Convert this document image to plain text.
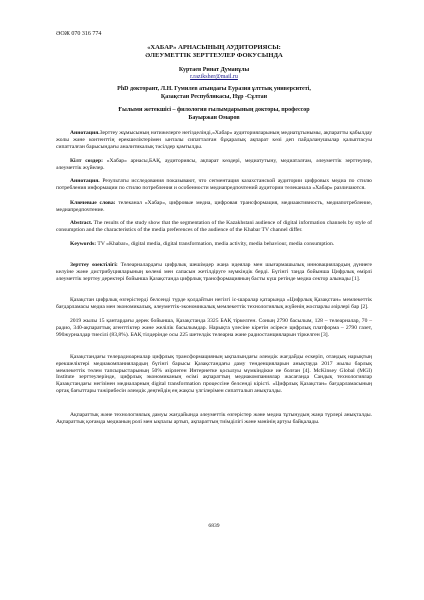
ӘОЖ 070 316 774
«ХАБАР» АРНАСЫНЫҢ АУДИТОРИЯСЫ:
ӘЛЕУМЕТТІК ЗЕРТТЕУЛЕР ФОКУСЫНДА
Куртаев Ринат Думанұлы
r.raziksher@mail.ru
PhD докторант, Л.Н. Гумилев атындағы Еуразия ұлттық университеті,
Қазақстан Республикасы, Нұр -Сұлтан
Ғылыми жетекшісі – филология ғылымдарының докторы, профессор
Бауыржан Омаров
Аннотация.Зерттеу жұмысының нәтижелерге негізделінді,«Хабар» аудиторияларының медиатұтынымы, ақпаратты қабылдау жолы және контенттің ерекшеліктерімен ынталы сипатталған бұқаралық ақпарат көзі деп пайдаланушылар қалыптасуы сипатталған барысындағы аналитикалық тәсілдер қамтылды.
Кілт сөздер: «Хабар» арнасы,БАҚ, аудиториясы, ақпарат көздері, медиатутыну, медиаталғам, әлеуметтік зерттеулер, әлеуметтік жүйелер.
Аннотация. Результаты исследования показывают, что сегментация казахстанской аудитории цифровых медиа по стилю потребления информации по стилю потребления и особенности медиапредпочтений аудитории телеканала «Хабар» различаются.
Ключевые слова: телеканал «Хабар», цифровые медиа, цифровая трансформация, медиаактивность, медиапотребление, медиапредпочтение.
Abstract. The results of the study show that the segmentation of the Kazakhstani audience of digital information channels by style of consumption and the characteristics of the media preferences of the audience of the Khabar TV channel differ.
Keywords: TV «Khabar», digital media, digital transformation, media activity, media behaviour, media consumption.
Зерттеу өзектілігі: Телеарналардағы цифрлық шешімдер жаңа идеялар мен шығармашылық инновациялардың дүниеге келуіне және дистрибуцияларының көлемі мен сапасын жетілдіруге мүмкіндік берді. Бүгінгі таңда бойынша Цифрлық өмірлі әлеуметтік зерттеу деректері бойынша Қазақстанда цифрлық трансформацияның басты күш ретінде медиа сектор алынады [1].
Қазақстан цифрлық өзгерістерді белсенді түрде қолдайтын негізгі іс-шаралар қатарында «Цифрлық Қазақстан» мемлекеттік бағдарламасы медиа мен экономикалық, әлеуметтік-экономикалық мемлекеттік технологиялық жүйенің жоспарлы әзірлері бар [2].
2019 жылы 15 қантардағы дерек бойынша, Қазақстанда 3325 БАҚ тіркелген. Соның 2790 басылым, 128 – телеарналар, 70 – радио, 340-ақпараттық агенттіктер және желілік басылымдар. Нарықта үлесіне кіретін әсіресе цифрлық платформа – 2790 газет, 990журналдар тиесілі (83,8%). БАҚ тілдерінде осы 225 шетелдік телеарна және радиостанцияларын тіркелген [3].
Қазақстандағы телерадиоарналар цифрлық трансформацияның ықпалындағы әлемдік жағдайды ескеріп, отандық нарықтың ерекшеліктері медиакомпаниялардың бүгінгі барысы Қазақстандағы даму тенденцияларын анықтауда 2017 жылы барлық мемлекеттік төлем тапсырыстарының 50% әзірлеген Интернетке қосылуы мүмкіндікке ие болған [4]. McKinsey Global (MGI) Institute зерттеулерінде, цифрлық экономиканың өсімі ақпараттың медиакомпаниялар жасағанда Сандық технологиялар Қазақстандағы негізінен медиаларның digital transformation процессіне белсенді кірісті. «Цифрлық Қазақстан» бағдарламасының ортақ бағыттары тәжірибесін әлемдік деңгейдің ең жақсы үлгілерімен сипатталып анықталды.
Ақпараттық және технологиялық дамуы жағдайында әлеуметтік өзгерістер және медиа тұтынудың жаңа түрлері анықталды. Ақпараттық қоғамда медианың ролі мен ықпалы артып, ақпараттың тиімділігі және мәнінің артуы байқалады.
6839
